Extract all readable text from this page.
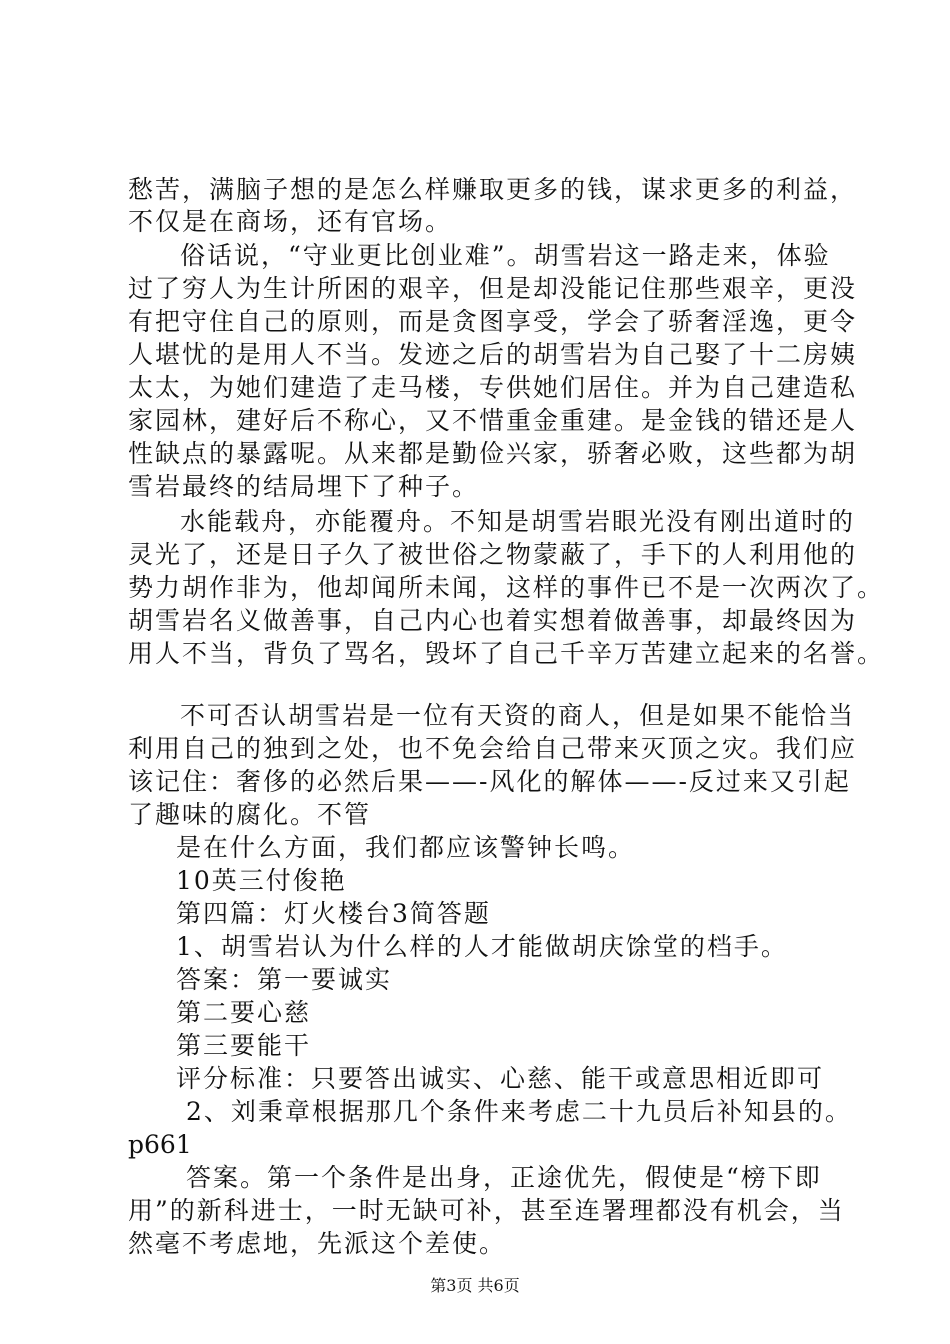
愁苦，满脑子想的是怎么样赚取更多的钱，谋求更多的利益，
不仅是在商场，还有官场。
俗话说，“守业更比创业难”。胡雪岩这一路走来，体验
过了穷人为生计所困的艰辛，但是却没能记住那些艰辛，更没
有把守住自己的原则，而是贪图享受，学会了骄奢淫逸，更令
人堪忧的是用人不当。发迹之后的胡雪岩为自己娶了十二房姨
太太，为她们建造了走马楼，专供她们居住。并为自己建造私
家园林，建好后不称心，又不惜重金重建。是金钱的错还是人
性缺点的暴露呢。从来都是勤俭兴家，骄奢必败，这些都为胡
雪岩最终的结局埋下了种子。
水能载舟，亦能覆舟。不知是胡雪岩眼光没有刚出道时的
灵光了，还是日子久了被世俗之物蒙蔽了，手下的人利用他的
势力胡作非为，他却闻所未闻，这样的事件已不是一次两次了。
胡雪岩名义做善事，自己内心也着实想着做善事，却最终因为
用人不当，背负了骂名，毁坏了自己千辛万苦建立起来的名誉。
不可否认胡雪岩是一位有天资的商人，但是如果不能恰当
利用自己的独到之处，也不免会给自己带来灭顶之灾。我们应
该记住：奢侈的必然后果——-风化的解体——-反过来又引起
了趣味的腐化。不管
是在什么方面，我们都应该警钟长鸣。
10英三付俊艳
第四篇：灯火楼台3简答题
1、胡雪岩认为什么样的人才能做胡庆馀堂的档手。
答案：第一要诚实
第二要心慈
第三要能干
评分标准：只要答出诚实、心慈、能干或意思相近即可
2、刘秉章根据那几个条件来考虑二十九员后补知县的。
p661
答案。第一个条件是出身，正途优先，假使是“榜下即
用”的新科进士，一时无缺可补，甚至连署理都没有机会，当
然毫不考虑地，先派这个差使。
第3页 共6页
